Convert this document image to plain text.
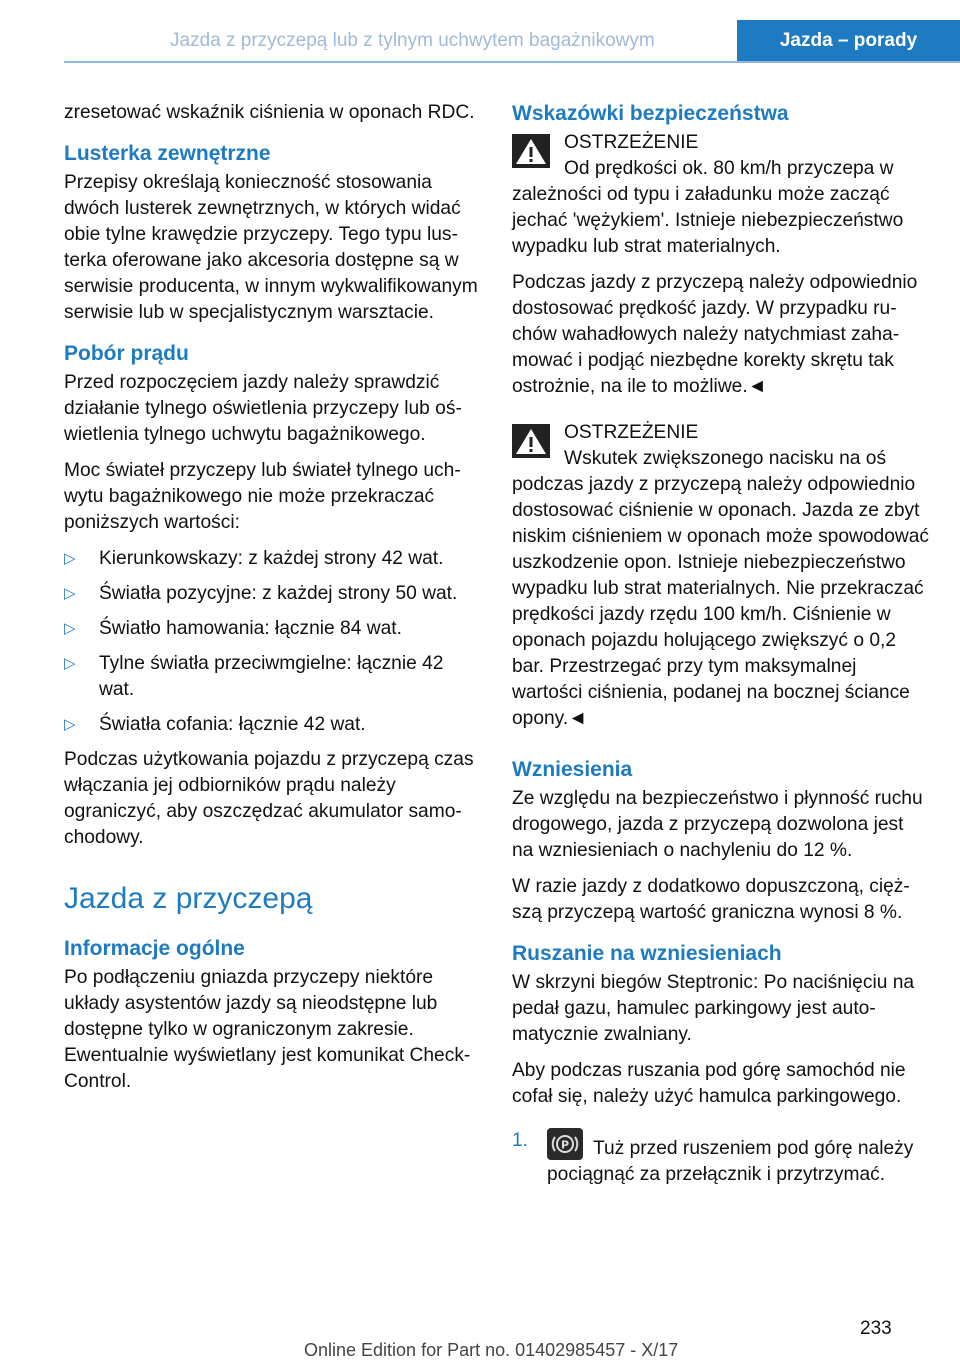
Jazda z przyczepą lub z tylnym uchwytem bagażnikowym	Jazda – porady

zresetować wskaźnik ciśnienia w oponach RDC.

Lusterka zewnętrzne

Przepisy określają konieczność stosowania dwóch lusterek zewnętrznych, w których widać obie tylne krawędzie przyczepy. Tego typu lusterka oferowane jako akcesoria dostępne są w serwisie producenta, w innym wykwalifikowanym serwisie lub w specjalistycznym warsztacie.

Pobór prądu

Przed rozpoczęciem jazdy należy sprawdzić działanie tylnego oświetlenia przyczepy lub oświetlenia tylnego uchwytu bagażnikowego.

Moc świateł przyczepy lub świateł tylnego uchwytu bagażnikowego nie może przekraczać poniższych wartości:

▷ Kierunkowskazy: z każdej strony 42 wat.
▷ Światła pozycyjne: z każdej strony 50 wat.
▷ Światło hamowania: łącznie 84 wat.
▷ Tylne światła przeciwmgielne: łącznie 42 wat.
▷ Światła cofania: łącznie 42 wat.

Podczas użytkowania pojazdu z przyczepą czas włączania jej odbiorników prądu należy ograniczyć, aby oszczędzać akumulator samochodowy.

Jazda z przyczepą
Informacje ogólne

Po podłączeniu gniazda przyczepy niektóre układy asystentów jazdy są nieodstępne lub dostępne tylko w ograniczonym zakresie. Ewentualnie wyświetlany jest komunikat Check-Control.

Wskazówki bezpieczeństwa
OSTRZEŻENIE
Od prędkości ok. 80 km/h przyczepa w zależności od typu i załadunku może zacząć jechać 'wężykiem'. Istnieje niebezpieczeństwo wypadku lub strat materialnych.

Podczas jazdy z przyczepą należy odpowiednio dostosować prędkość jazdy. W przypadku ruchów wahadłowych należy natychmiast zahamować i podjąć niezbędne korekty skrętu tak ostrożnie, na ile to możliwe.◄

OSTRZEŻENIE
Wskutek zwiększonego nacisku na oś podczas jazdy z przyczepą należy odpowiednio dostosować ciśnienie w oponach. Jazda ze zbyt niskim ciśnieniem w oponach może spowodować uszkodzenie opon. Istnieje niebezpieczeństwo wypadku lub strat materialnych. Nie przekraczać prędkości jazdy rzędu 100 km/h. Ciśnienie w oponach pojazdu holującego zwiększyć o 0,2 bar. Przestrzegać przy tym maksymalnej wartości ciśnienia, podanej na bocznej ściance opony.◄
Wzniesienia

Ze względu na bezpieczeństwo i płynność ruchu drogowego, jazda z przyczepą dozwolona jest na wzniesieniach o nachyleniu do 12 %.

W razie jazdy z dodatkowo dopuszczoną, cięższą przyczepą wartość graniczna wynosi 8 %.

Ruszanie na wzniesieniach

W skrzyni biegów Steptronic: Po naciśnięciu na pedał gazu, hamulec parkingowy jest automatycznie zwalniany.

Aby podczas ruszania pod górę samochód nie cofał się, należy użyć hamulca parkingowego.

1.	P Tuż przed ruszeniem pod górę należy pociągnąć za przełącznik i przytrzymać.
233
Online Edition for Part no. 01402985457 - X/17
